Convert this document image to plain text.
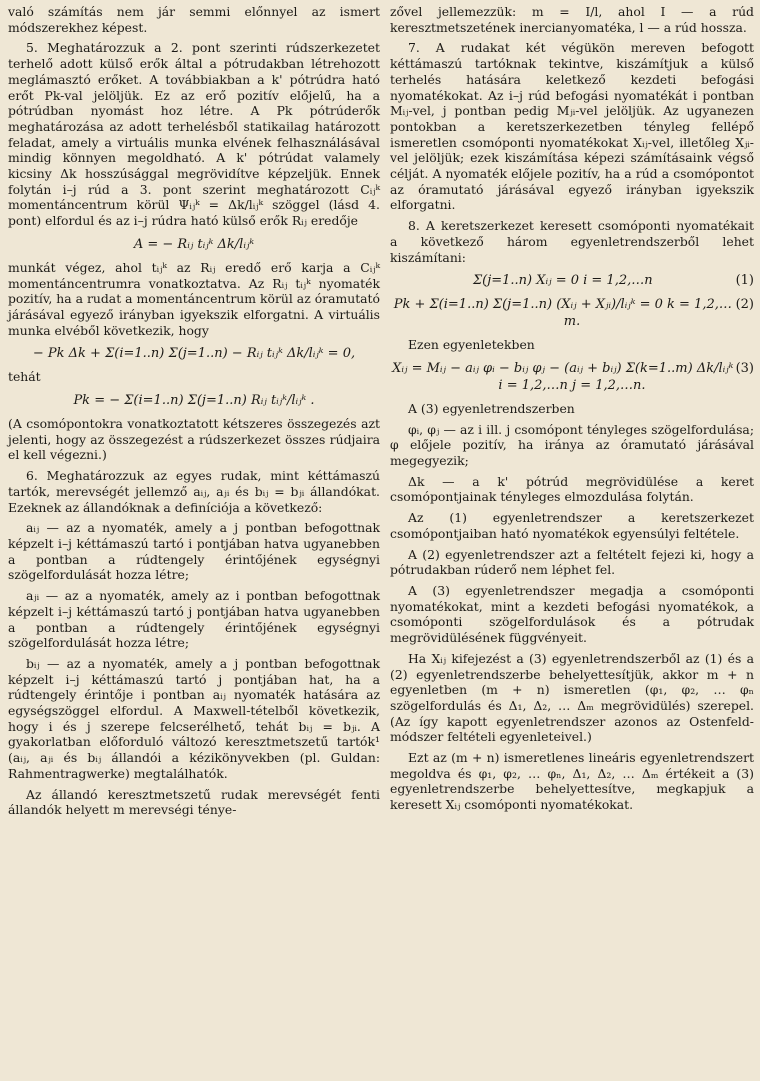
való számítás nem jár semmi előnnyel az ismert módszerekhez képest.

5. Meghatározzuk a 2. pont szerinti rúdszerkezetet terhelő adott külső erők által a pótrudakban létrehozott meglámasztó erőket. A továbbiakban a k' pótrúdra ható erőt Pk-val jelöljük. Ez az erő pozitív előjelű, ha a pótrúdban nyomást hoz létre. A Pk pótrúderők meghatározása az adott terhelésből statikailag határozott feladat, amely a virtuális munka elvének felhasználásával mindig könnyen megoldható. A k' pótrúdat valamely kicsiny Δk hosszúsággal megrövidítve képzeljük. Ennek folytán i–j rúd a 3. pont szerint meghatározott Cᵢⱼᵏ momentáncentrum körül Ψᵢⱼᵏ = Δk/lᵢⱼᵏ szöggel (lásd 4. pont) elfordul és az i–j rúdra ható külső erők Rᵢⱼ eredője

A = − Rᵢⱼ tᵢⱼᵏ Δk/lᵢⱼᵏ

munkát végez, ahol tᵢⱼᵏ az Rᵢⱼ eredő erő karja a Cᵢⱼᵏ momentáncentrumra vonatkoztatva. Az Rᵢⱼ tᵢⱼᵏ nyomaték pozitív, ha a rudat a momentáncentrum körül az óramutató járásával egyező irányban igyekszik elforgatni. A virtuális munka elvéből következik, hogy

− Pk Δk + Σ(i=1..n) Σ(j=1..n) − Rᵢⱼ tᵢⱼᵏ Δk/lᵢⱼᵏ = 0,

tehát

Pk = − Σ(i=1..n) Σ(j=1..n) Rᵢⱼ tᵢⱼᵏ/lᵢⱼᵏ .

(A csomópontokra vonatkoztatott kétszeres összegezés azt jelenti, hogy az összegezést a rúdszerkezet összes rúdjaira el kell végezni.)

6. Meghatározzuk az egyes rudak, mint kéttámaszú tartók, merevségét jellemző aᵢⱼ, aⱼᵢ és bᵢⱼ = bⱼᵢ állandókat. Ezeknek az állandóknak a definíciója a következő:

aᵢⱼ — az a nyomaték, amely a j pontban befogottnak képzelt i–j kéttámaszú tartó i pontjában hatva ugyanebben a pontban a rúdtengely érintőjének egységnyi szögelfordulását hozza létre;

aⱼᵢ — az a nyomaték, amely az i pontban befogottnak képzelt i–j kéttámaszú tartó j pontjában hatva ugyanebben a pontban a rúdtengely érintőjének egységnyi szögelfordulását hozza létre;

bᵢⱼ — az a nyomaték, amely a j pontban befogottnak képzelt i–j kéttámaszú tartó j pontjában hat, ha a rúdtengely érintője i pontban aᵢⱼ nyomaték hatására az egységszöggel elfordul. A Maxwell-tételből következik, hogy i és j szerepe felcserélhető, tehát bᵢⱼ = bⱼᵢ. A gyakorlatban előforduló változó keresztmetszetű tartók¹ (aᵢⱼ, aⱼᵢ és bᵢⱼ állandói a kézikönyvekben (pl. Guldan: Rahmentragwerke) megtalálhatók.

Az állandó keresztmetszetű rudak merevségét fenti állandók helyett m merevségi ténye-

zővel jellemezzük: m = I/l, ahol I — a rúd keresztmetszetének inercianyomatéka, l — a rúd hossza.

7. A rudakat két végükön mereven befogott kéttámaszú tartóknak tekintve, kiszámítjuk a külső terhelés hatására keletkező kezdeti befogási nyomatékokat. Az i–j rúd befogási nyomatékát i pontban Mᵢⱼ-vel, j pontban pedig Mⱼᵢ-vel jelöljük. Az ugyanezen pontokban a keretszerkezetben tényleg fellépő ismeretlen csomóponti nyomatékokat Xᵢⱼ-vel, illetőleg Xⱼᵢ-vel jelöljük; ezek kiszámítása képezi számításaink végső célját. A nyomaték előjele pozitív, ha a rúd a csomópontot az óramutató járásával egyező irányban igyekszik elforgatni.

8. A keretszerkezet keresett csomóponti nyomatékait a következő három egyenletrendszerből lehet kiszámítani:

(1)
Σ(j=1..n) Xᵢⱼ = 0 i = 1,2,…n
(2)
Pk + Σ(i=1..n) Σ(j=1..n) (Xᵢⱼ + Xⱼᵢ)/lᵢⱼᵏ = 0 k = 1,2,…m.

Ezen egyenletekben

(3)
Xᵢⱼ = Mᵢⱼ − aᵢⱼ φᵢ − bᵢⱼ φⱼ − (aᵢⱼ + bᵢⱼ) Σ(k=1..m) Δk/lᵢⱼᵏ i = 1,2,…n j = 1,2,…n.

A (3) egyenletrendszerben

φᵢ, φⱼ — az i ill. j csomópont tényleges szögelfordulása; φ előjele pozitív, ha iránya az óramutató járásával megegyezik;

Δk — a k' pótrúd megrövidülése a keret csomópontjainak tényleges elmozdulása folytán.

Az (1) egyenletrendszer a keretszerkezet csomópontjaiban ható nyomatékok egyensúlyi feltétele.

A (2) egyenletrendszer azt a feltételt fejezi ki, hogy a pótrudakban rúderő nem léphet fel.

A (3) egyenletrendszer megadja a csomóponti nyomatékokat, mint a kezdeti befogási nyomatékok, a csomóponti szögelfordulások és a pótrudak megrövidülésének függvényeit.

Ha Xᵢⱼ kifejezést a (3) egyenletrendszerből az (1) és a (2) egyenletrendszerbe behelyettesítjük, akkor m + n egyenletben (m + n) ismeretlen (φ₁, φ₂, … φₙ szögelfordulás és Δ₁, Δ₂, … Δₘ megrövidülés) szerepel. (Az így kapott egyenletrendszer azonos az Ostenfeld-módszer feltételi egyenleteivel.)

Ezt az (m + n) ismeretlenes lineáris egyenletrendszert megoldva és φ₁, φ₂, … φₙ, Δ₁, Δ₂, … Δₘ értékeit a (3) egyenletrendszerbe behelyettesítve, megkapjuk a keresett Xᵢⱼ csomóponti nyomatékokat.
